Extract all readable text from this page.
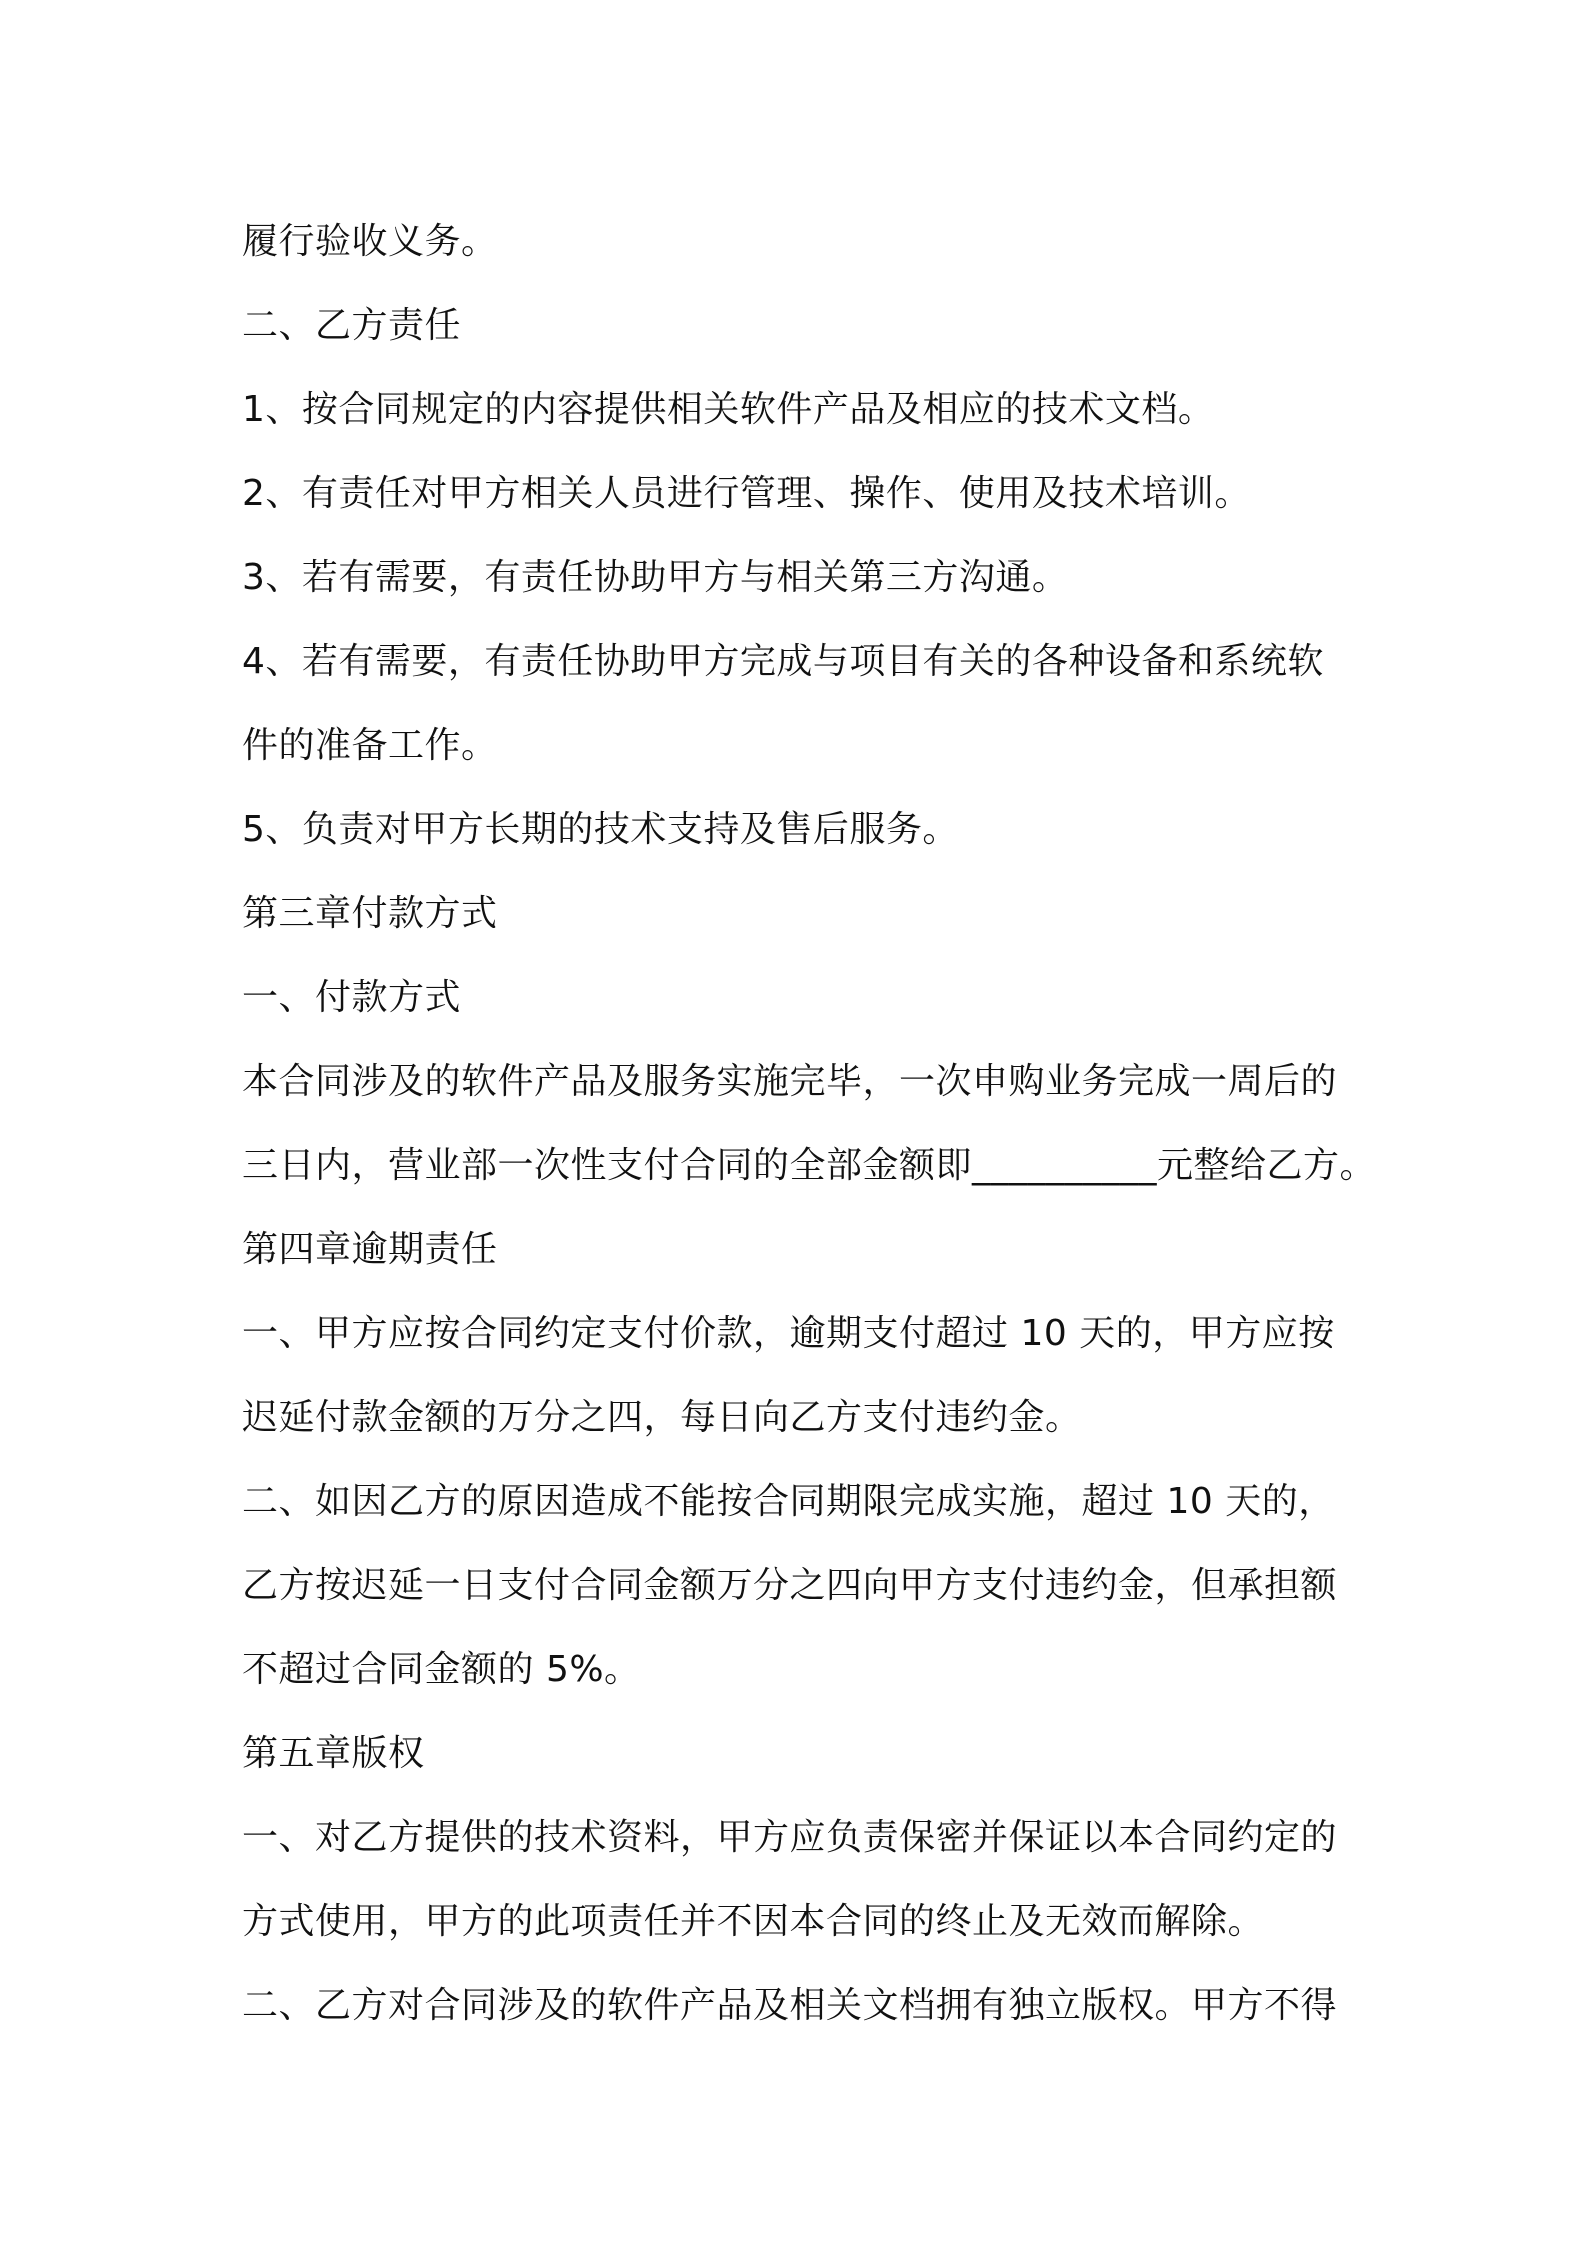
履行验收义务。
二、乙方责任
1、按合同规定的内容提供相关软件产品及相应的技术文档。
2、有责任对甲方相关人员进行管理、操作、使用及技术培训。
3、若有需要，有责任协助甲方与相关第三方沟通。
4、若有需要，有责任协助甲方完成与项目有关的各种设备和系统软
件的准备工作。
5、负责对甲方长期的技术支持及售后服务。
第三章付款方式
一、付款方式
本合同涉及的软件产品及服务实施完毕，一次申购业务完成一周后的
三日内，营业部一次性支付合同的全部金额即__________元整给乙方。
第四章逾期责任
一、甲方应按合同约定支付价款，逾期支付超过 10 天的，甲方应按
迟延付款金额的万分之四，每日向乙方支付违约金。
二、如因乙方的原因造成不能按合同期限完成实施，超过 10 天的，
乙方按迟延一日支付合同金额万分之四向甲方支付违约金，但承担额
不超过合同金额的 5%。
第五章版权
一、对乙方提供的技术资料，甲方应负责保密并保证以本合同约定的
方式使用，甲方的此项责任并不因本合同的终止及无效而解除。
二、乙方对合同涉及的软件产品及相关文档拥有独立版权。甲方不得
